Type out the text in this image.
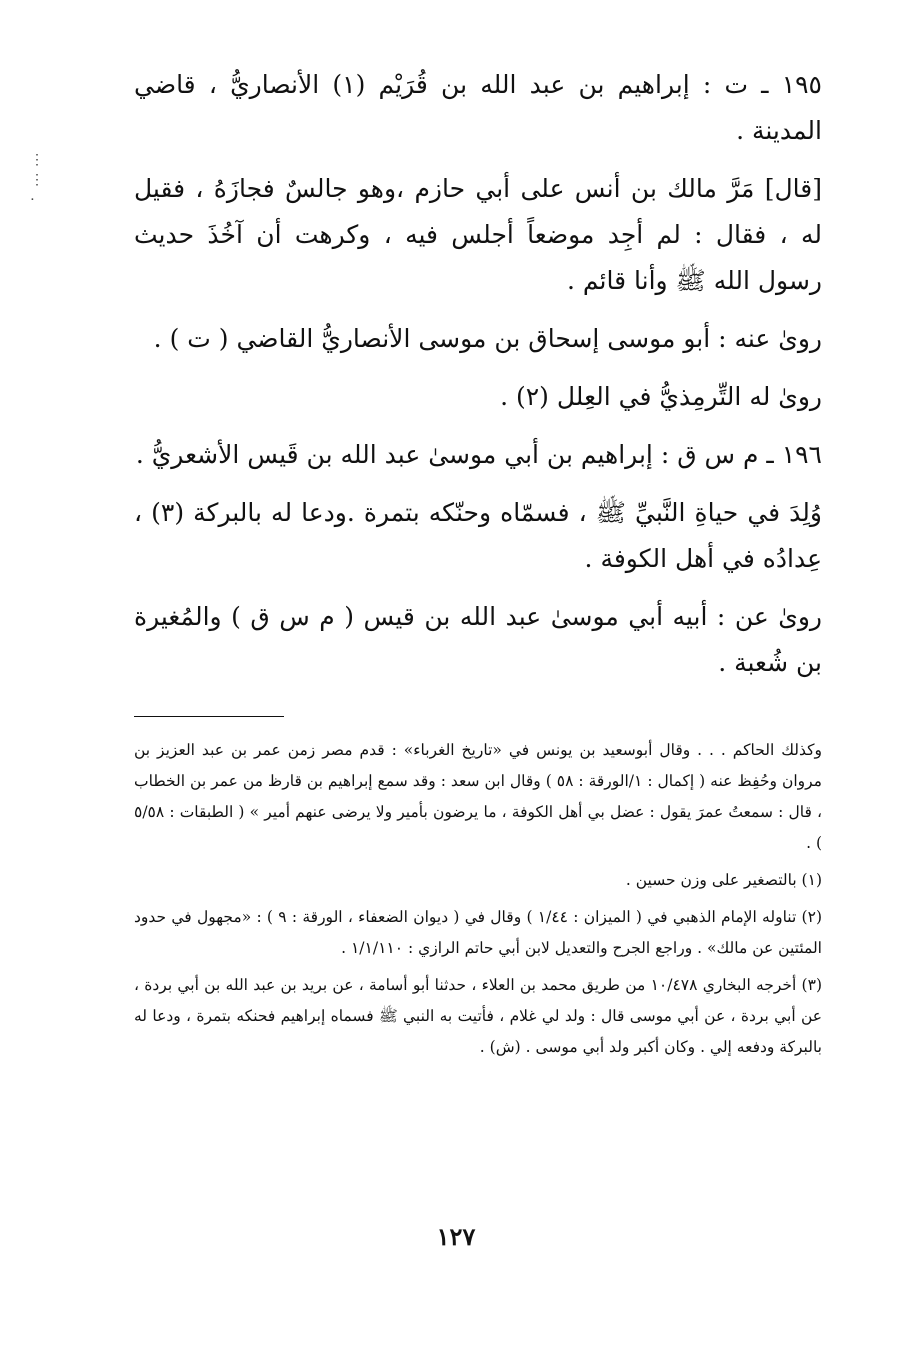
⋮
⋮
⋅

١٩٥ ـ ت : إبراهيم بن عبد الله بن قُرَيْم (١) الأنصاريُّ ، قاضي المدينة .

[قال] مَرَّ مالك بن أنس على أبي حازم ،وهو جالسٌ فجازَهُ ، فقيل له ، فقال : لم أجِد موضعاً أجلس فيه ، وكرهت أن آخُذَ حديث رسول الله ﷺ وأنا قائم .

روىٰ عنه : أبو موسى إسحاق بن موسى الأنصاريُّ القاضي ( ت ) .

روىٰ له التِّرمِذيُّ في العِلل (٢) .

١٩٦ ـ م س ق : إبراهيم بن أبي موسىٰ عبد الله بن قَيس الأشعريُّ .

وُلِدَ في حياةِ النَّبيِّ ﷺ ، فسمّاه وحنّكه بتمرة .ودعا له بالبركة (٣) ، عِدادُه في أهل الكوفة .

روىٰ عن : أبيه أبي موسىٰ عبد الله بن قيس ( م س ق ) والمُغيرة بن شُعبة .

وكذلك الحاكم . . . وقال أبوسعيد بن يونس في «تاريخ الغرباء» : قدم مصر زمن عمر بن عبد العزيز بن مروان وحُفِظ عنه ( إكمال : ١/الورقة : ٥٨ ) وقال ابن سعد : وقد سمع إبراهيم بن قارظ من عمر بن الخطاب ، قال : سمعتُ عمرَ يقول : عضل بي أهل الكوفة ، ما يرضون بأمير ولا يرضى عنهم أمير » ( الطبقات : ٥/٥٨ ) .

(١) بالتصغير على وزن حسين .

(٢) تناوله الإمام الذهبي في ( الميزان : ١/٤٤ ) وقال في ( ديوان الضعفاء ، الورقة : ٩ ) : «مجهول في حدود المئتين عن مالك» . وراجع الجرح والتعديل لابن أبي حاتم الرازي : ١/١/١١٠ .

(٣) أخرجه البخاري ١٠/٤٧٨ من طريق محمد بن العلاء ، حدثنا أبو أسامة ، عن بريد بن عبد الله بن أبي بردة ، عن أبي بردة ، عن أبي موسى قال : ولد لي غلام ، فأتيت به النبي ﷺ فسماه إبراهيم فحنكه بتمرة ، ودعا له بالبركة ودفعه إلي . وكان أكبر ولد أبي موسى . (ش) .

١٢٧
